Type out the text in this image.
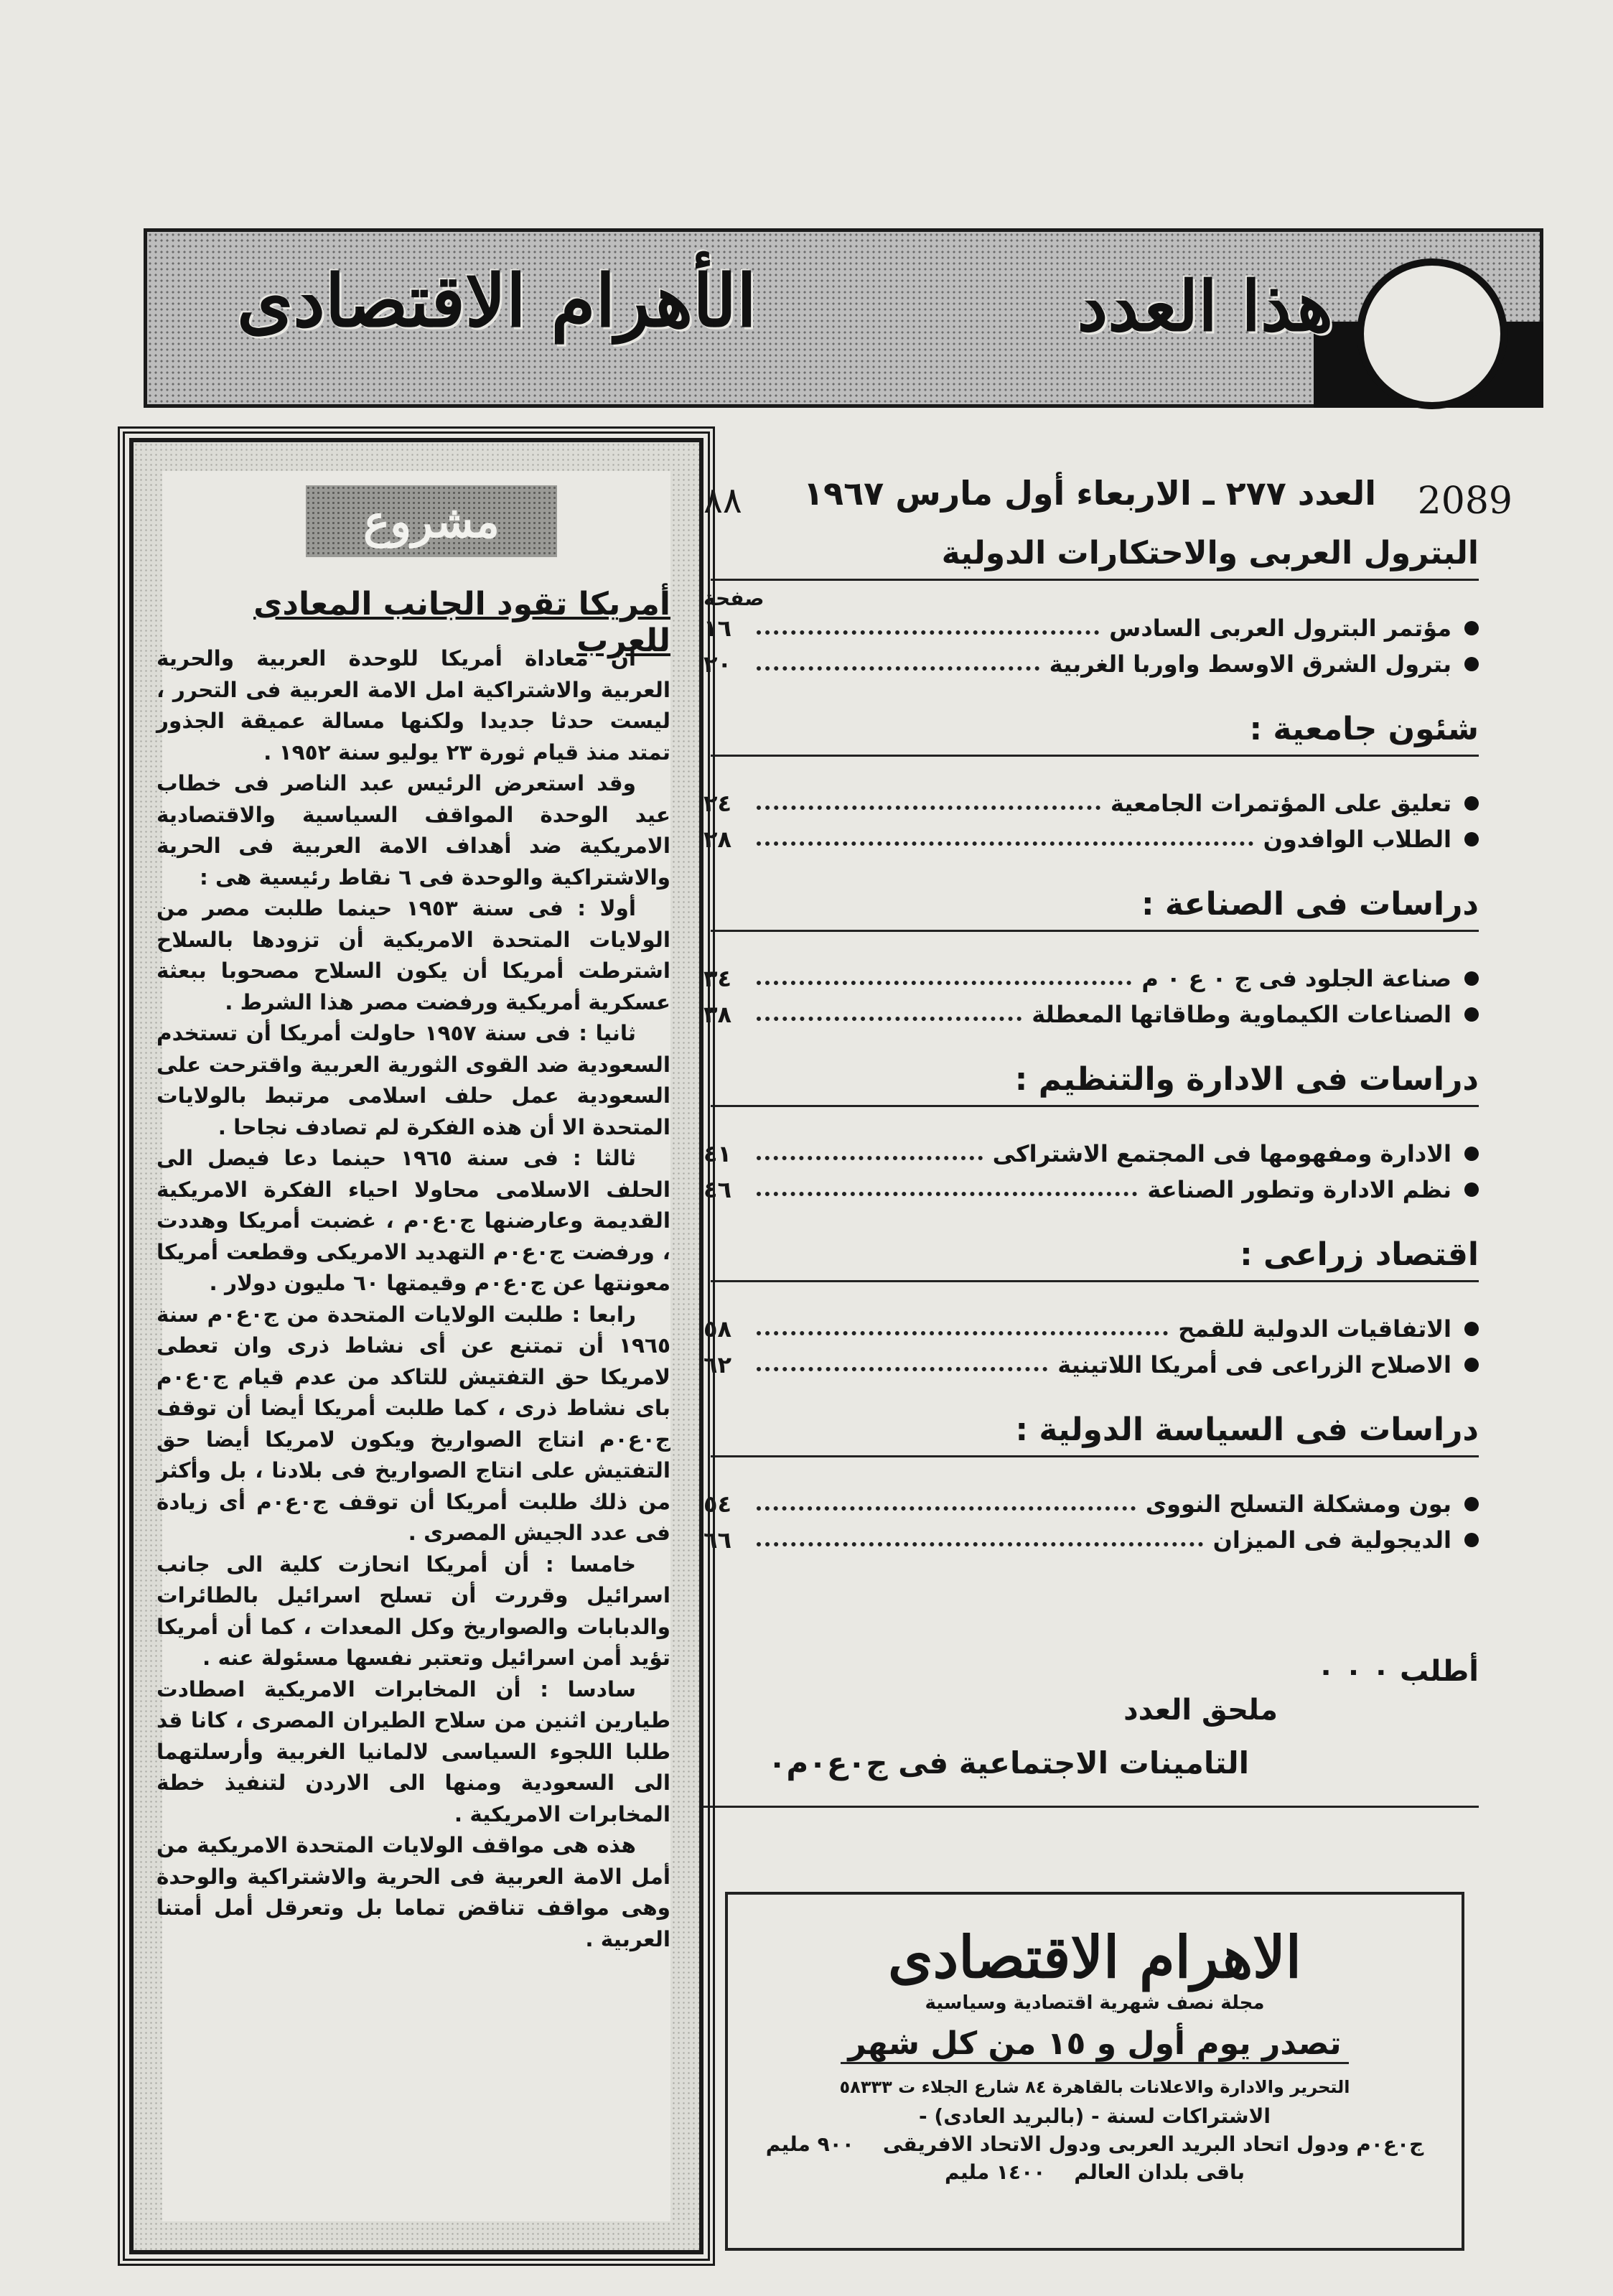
هذا العدد
الأهرام الاقتصادى
2089
العدد ٢٧٧ ـ الاربعاء أول مارس ١٩٦٧
٨٨
البترول العربى والاحتكارات الدولية
صفحة
مؤتمر البترول العربى السادس
١٦
بترول الشرق الاوسط واوربا الغربية
٢٠
شئون جامعية :
تعليق على المؤتمرات الجامعية
٢٤
الطلاب الوافدون
٢٨
دراسات فى الصناعة :
صناعة الجلود فى ج ٠ ع ٠ م
٣٤
الصناعات الكيماوية وطاقاتها المعطلة
٣٨
دراسات فى الادارة والتنظيم :
الادارة ومفهومها فى المجتمع الاشتراكى
٤١
نظم الادارة وتطور الصناعة
٤٦
اقتصاد زراعى :
الاتفاقيات الدولية للقمح
٥٨
الاصلاح الزراعى فى أمريكا اللاتينية
٦٢
دراسات فى السياسة الدولية :
بون ومشكلة التسلح النووى
٥٤
الديجولية فى الميزان
٦٦
أطلب ٠ ٠ ٠
ملحق العدد
التامينات الاجتماعية فى ج٠ع٠م٠
الاهرام الاقتصادى
مجلة نصف شهرية اقتصادية وسياسية
تصدر يوم أول و ١٥ من كل شهر
التحرير والادارة والاعلانات بالقاهرة ٨٤ شارع الجلاء ت ٥٨٣٣٣
الاشتراكات لسنة - (بالبريد العادى) -
ج٠ع٠م ودول اتحاد البريد العربى ودول الاتحاد الافريقى
٩٠٠ مليم
باقى بلدان العالم
١٤٠٠ مليم
مشروع
أمريكا تقود الجانب المعادى للعرب

ان معاداة أمريكا للوحدة العربية والحرية العربية والاشتراكية امل الامة العربية فى التحرر ، ليست حدثا جديدا ولكنها مسالة عميقة الجذور تمتد منذ قيام ثورة ٢٣ يوليو سنة ١٩٥٢ .

وقد استعرض الرئيس عبد الناصر فى خطاب عيد الوحدة المواقف السياسية والاقتصادية الامريكية ضد أهداف الامة العربية فى الحرية والاشتراكية والوحدة فى ٦ نقاط رئيسية هى :

أولا : فى سنة ١٩٥٣ حينما طلبت مصر من الولايات المتحدة الامريكية أن تزودها بالسلاح اشترطت أمريكا أن يكون السلاح مصحوبا ببعثة عسكرية أمريكية ورفضت مصر هذا الشرط .

ثانيا : فى سنة ١٩٥٧ حاولت أمريكا أن تستخدم السعودية ضد القوى الثورية العربية واقترحت على السعودية عمل حلف اسلامى مرتبط بالولايات المتحدة الا أن هذه الفكرة لم تصادف نجاحا .

ثالثا : فى سنة ١٩٦٥ حينما دعا فيصل الى الحلف الاسلامى محاولا احياء الفكرة الامريكية القديمة وعارضنها ج٠ع٠م ، غضبت أمريكا وهددت ، ورفضت ج٠ع٠م التهديد الامريكى وقطعت أمريكا معونتها عن ج٠ع٠م وقيمتها ٦٠ مليون دولار .

رابعا : طلبت الولايات المتحدة من ج٠ع٠م سنة ١٩٦٥ أن تمتنع عن أى نشاط ذرى وان تعطى لامريكا حق التفتيش للتاكد من عدم قيام ج٠ع٠م باى نشاط ذرى ، كما طلبت أمريكا أيضا أن توقف ج٠ع٠م انتاج الصواريخ ويكون لامريكا أيضا حق التفتيش على انتاج الصواريخ فى بلادنا ، بل وأكثر من ذلك طلبت أمريكا أن توقف ج٠ع٠م أى زيادة فى عدد الجيش المصرى .

خامسا : أن أمريكا انحازت كلية الى جانب اسرائيل وقررت أن تسلح اسرائيل بالطائرات والدبابات والصواريخ وكل المعدات ، كما أن أمريكا تؤيد أمن اسرائيل وتعتبر نفسها مسئولة عنه .

سادسا : أن المخابرات الامريكية اصطادت طيارين اثنين من سلاح الطيران المصرى ، كانا قد طلبا اللجوء السياسى لالمانيا الغربية وأرسلتهما الى السعودية ومنها الى الاردن لتنفيذ خطة المخابرات الامريكية .

هذه هى مواقف الولايات المتحدة الامريكية من أمل الامة العربية فى الحرية والاشتراكية والوحدة وهى مواقف تناقض تماما بل وتعرقل أمل أمتنا العربية .
